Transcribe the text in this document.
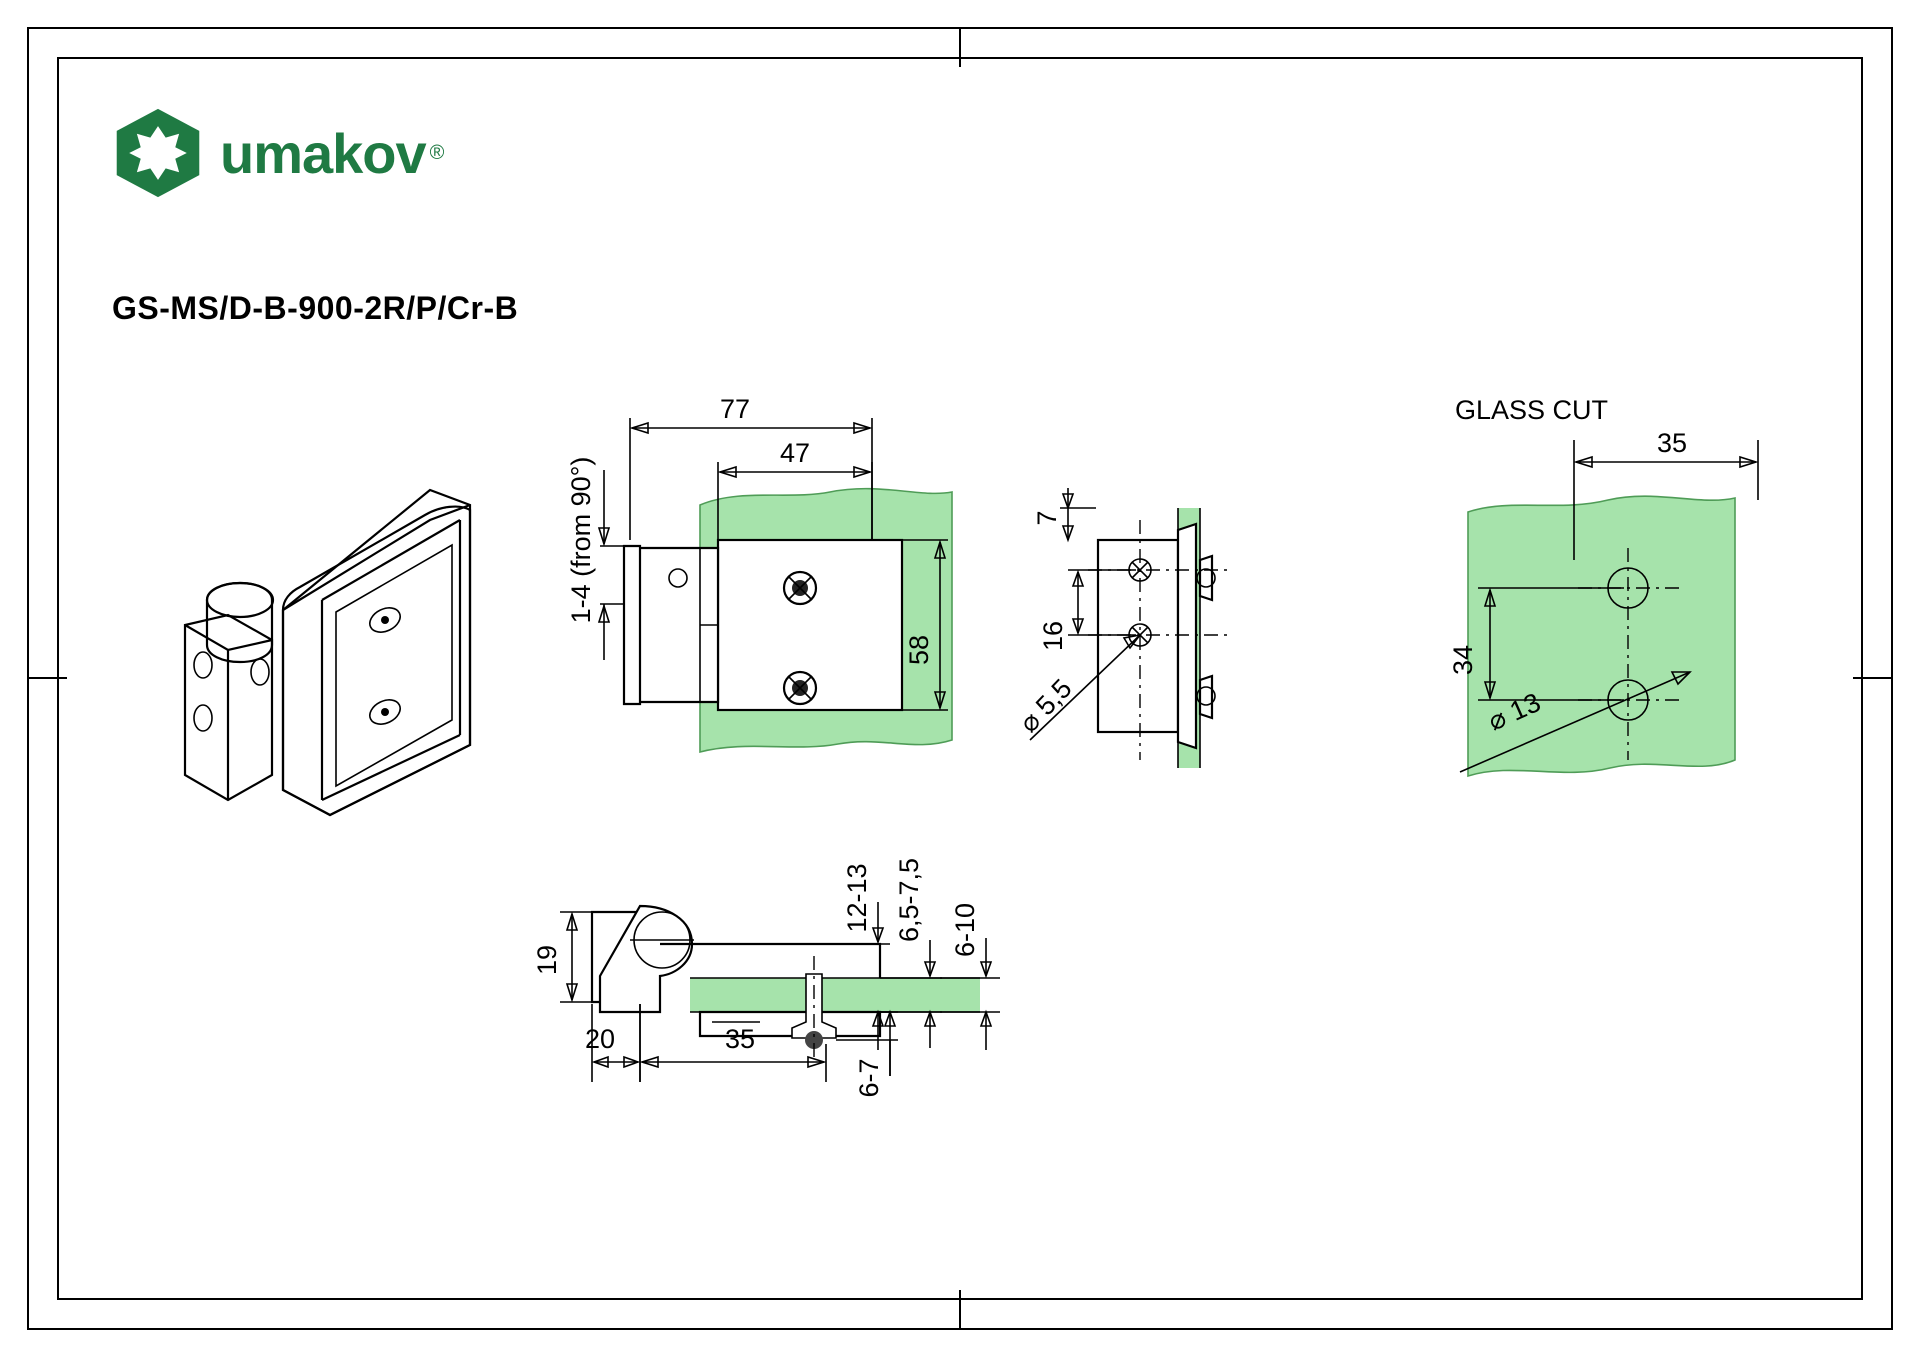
umakov ®
GS-MS/D-B-900-2R/P/Cr-B
GLASS CUT
77
47
58
1-4 (from 90°)	7
16
⌀ 5,5
35
34
⌀ 13
19
20	35
12-13 6,5-7,5 6-10
6-7
